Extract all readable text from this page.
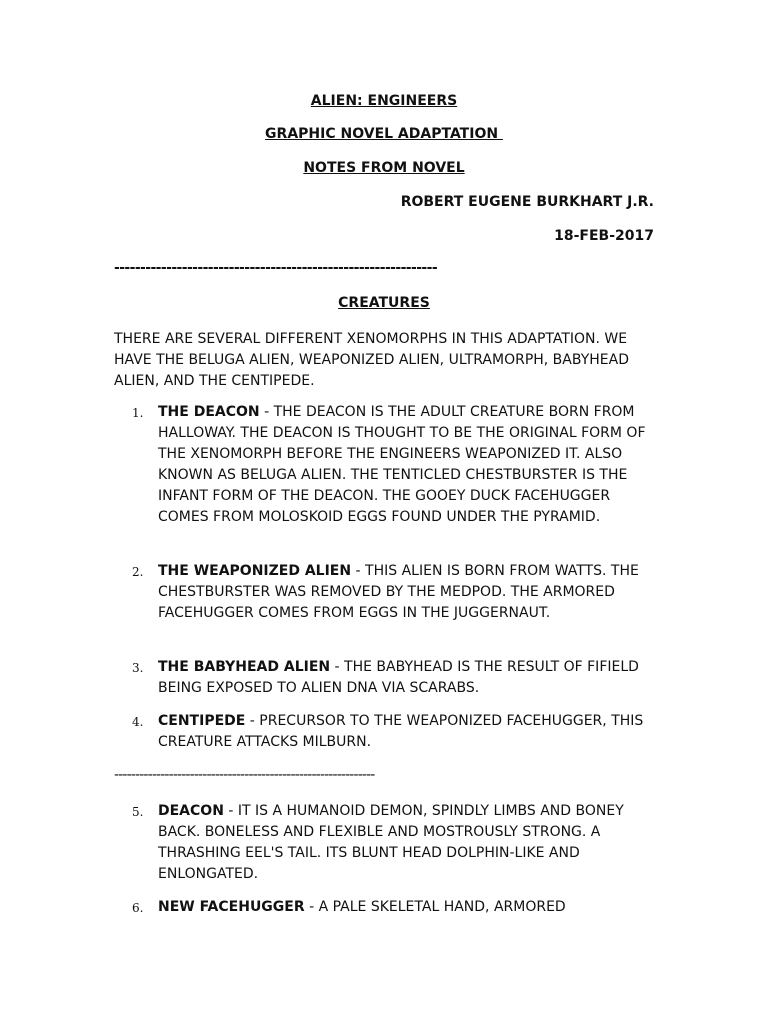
ALIEN: ENGINEERS
GRAPHIC NOVEL ADAPTATION
NOTES FROM NOVEL
ROBERT EUGENE BURKHART J.R.
18-FEB-2017
--------------------------------------------------------------
CREATURES
THERE ARE SEVERAL DIFFERENT XENOMORPHS IN THIS ADAPTATION. WE HAVE THE BELUGA ALIEN, WEAPONIZED ALIEN, ULTRAMORPH, BABYHEAD ALIEN, AND THE CENTIPEDE.
1. THE DEACON - THE DEACON IS THE ADULT CREATURE BORN FROM HALLOWAY. THE DEACON IS THOUGHT TO BE THE ORIGINAL FORM OF THE XENOMORPH BEFORE THE ENGINEERS WEAPONIZED IT. ALSO KNOWN AS BELUGA ALIEN. THE TENTICLED CHESTBURSTER IS THE INFANT FORM OF THE DEACON. THE GOOEY DUCK FACEHUGGER COMES FROM MOLOSKOID EGGS FOUND UNDER THE PYRAMID.
2. THE WEAPONIZED ALIEN - THIS ALIEN IS BORN FROM WATTS. THE CHESTBURSTER WAS REMOVED BY THE MEDPOD. THE ARMORED FACEHUGGER COMES FROM EGGS IN THE JUGGERNAUT.
3. THE BABYHEAD ALIEN - THE BABYHEAD IS THE RESULT OF FIFIELD BEING EXPOSED TO ALIEN DNA VIA SCARABS.
4. CENTIPEDE - PRECURSOR TO THE WEAPONIZED FACEHUGGER, THIS CREATURE ATTACKS MILBURN.
--------------------------------------------------------------
5. DEACON - IT IS A HUMANOID DEMON, SPINDLY LIMBS AND BONEY BACK. BONELESS AND FLEXIBLE AND MOSTROUSLY STRONG. A THRASHING EEL'S TAIL. ITS BLUNT HEAD DOLPHIN-LIKE AND ENLONGATED.
6. NEW FACEHUGGER - A PALE SKELETAL HAND, ARMORED
